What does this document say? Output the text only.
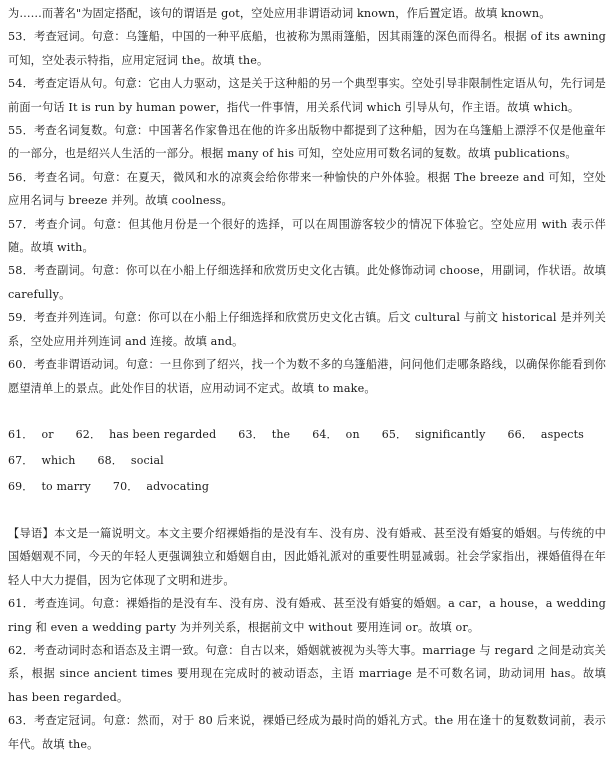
为……而著名"为固定搭配，该句的谓语是 got，空处应用非谓语动词 known，作后置定语。故填 known。

53．考查冠词。句意：乌篷船，中国的一种平底船，也被称为黑雨篷船，因其雨篷的深色而得名。根据 of its awning 可知，空处表示特指，应用定冠词 the。故填 the。

54．考查定语从句。句意：它由人力驱动，这是关于这种船的另一个典型事实。空处引导非限制性定语从句，先行词是前面一句话 It is run by human power，指代一件事情，用关系代词 which 引导从句，作主语。故填 which。

55．考查名词复数。句意：中国著名作家鲁迅在他的许多出版物中都提到了这种船，因为在乌篷船上漂浮不仅是他童年的一部分，也是绍兴人生活的一部分。根据 many of his 可知，空处应用可数名词的复数。故填 publications。

56．考查名词。句意：在夏天，微风和水的凉爽会给你带来一种愉快的户外体验。根据 The breeze and 可知，空处应用名词与 breeze 并列。故填 coolness。

57．考查介词。句意：但其他月份是一个很好的选择，可以在周围游客较少的情况下体验它。空处应用 with 表示伴随。故填 with。

58．考查副词。句意：你可以在小船上仔细选择和欣赏历史文化古镇。此处修饰动词 choose，用副词，作状语。故填 carefully。

59．考查并列连词。句意：你可以在小船上仔细选择和欣赏历史文化古镇。后文 cultural 与前文 historical 是并列关系，空处应用并列连词 and 连接。故填 and。

60．考查非谓语动词。句意：一旦你到了绍兴，找一个为数不多的乌篷船港，问问他们走哪条路线，以确保你能看到你愿望清单上的景点。此处作目的状语，应用动词不定式。故填 to make。

61． or 62． has been regarded 63． the 64． on 65． significantly 66． aspects
67． which 68． social
69． to marry 70． advocating

【导语】本文是一篇说明文。本文主要介绍裸婚指的是没有车、没有房、没有婚戒、甚至没有婚宴的婚姻。与传统的中国婚姻观不同，今天的年轻人更强调独立和婚姻自由，因此婚礼派对的重要性明显减弱。社会学家指出，裸婚值得在年轻人中大力提倡，因为它体现了文明和进步。

61．考查连词。句意：裸婚指的是没有车、没有房、没有婚戒、甚至没有婚宴的婚姻。a car，a house，a wedding ring 和 even a wedding party 为并列关系，根据前文中 without 要用连词 or。故填 or。

62．考查动词时态和语态及主谓一致。句意：自古以来，婚姻就被视为头等大事。marriage 与 regard 之间是动宾关系，根据 since ancient times 要用现在完成时的被动语态，主语 marriage 是不可数名词，助动词用 has。故填 has been regarded。

63．考查定冠词。句意：然而，对于 80 后来说，裸婚已经成为最时尚的婚礼方式。the 用在逢十的复数数词前，表示年代。故填 the。
